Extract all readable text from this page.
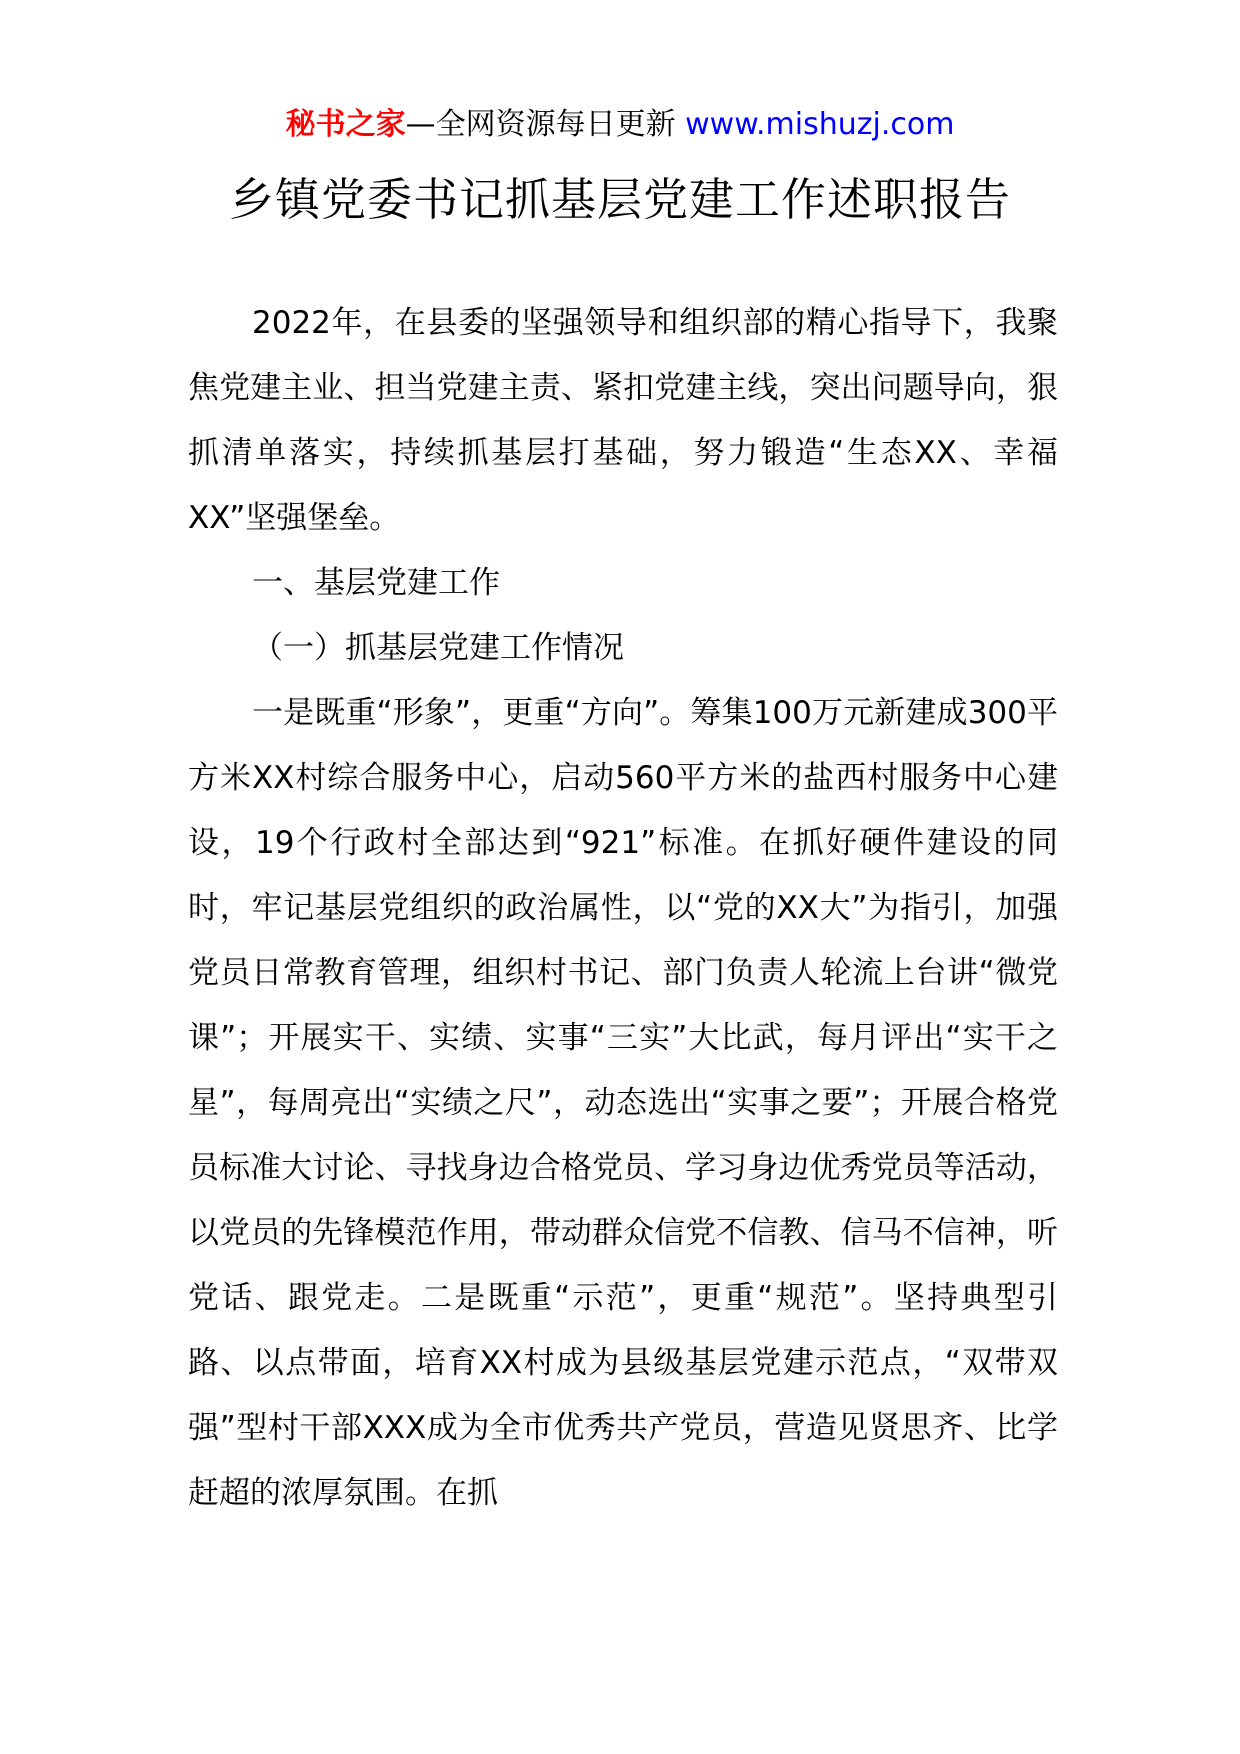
秘书之家—全网资源每日更新 www.mishuzj.com
乡镇党委书记抓基层党建工作述职报告

2022年，在县委的坚强领导和组织部的精心指导下，我聚焦党建主业、担当党建主责、紧扣党建主线，突出问题导向，狠抓清单落实，持续抓基层打基础，努力锻造“生态XX、幸福XX”坚强堡垒。

一、基层党建工作

（一）抓基层党建工作情况

一是既重“形象”，更重“方向”。筹集100万元新建成300平方米XX村综合服务中心，启动560平方米的盐西村服务中心建设，19个行政村全部达到“921”标准。在抓好硬件建设的同时，牢记基层党组织的政治属性，以“党的XX大”为指引，加强党员日常教育管理，组织村书记、部门负责人轮流上台讲“微党课”；开展实干、实绩、实事“三实”大比武，每月评出“实干之星”，每周亮出“实绩之尺”，动态选出“实事之要”；开展合格党员标准大讨论、寻找身边合格党员、学习身边优秀党员等活动，以党员的先锋模范作用，带动群众信党不信教、信马不信神，听党话、跟党走。二是既重“示范”，更重“规范”。坚持典型引路、以点带面，培育XX村成为县级基层党建示范点，“双带双强”型村干部XXX成为全市优秀共产党员，营造见贤思齐、比学赶超的浓厚氛围。在抓
